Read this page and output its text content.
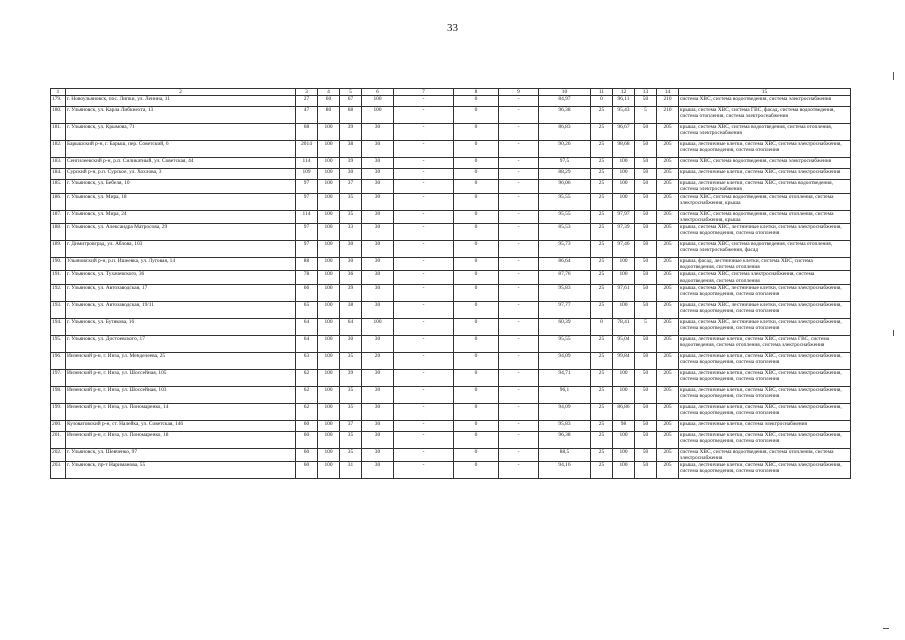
33
1	2	3	4	5	6	7	8	9	10	11	12	13	14	15
179.	г. Новоульяновск, пос. Липки, ул. Ленина, 11	27	60	67	100	-	0	-	84,97	0	96,11	50	210	система ХВС, система водоотведения, система электроснабжения
180.	г. Ульяновск, ул. Карла Либкнехта, 13	47	80	68	100	-	0	-	96,38	25	95,43	5	210	крыша, система ХВС, система ГВС, фасад, система водоотведения, система отопления, система электроснабжения
181.	г. Ульяновск, ул. Крымова, 71	68	100	39	30	-	0	-	86,83	25	96,67	50	205	крыша, система ХВС, система водоотведения, система отопления, система электроснабжения
182.	Барышский р-н, г. Барыш, пер. Советский, 6	2014	100	38	30	-	0	-	90,26	25	98,68	50	205	крыша, лестничные клетки, система ХВС, система электроснабжения, система водоотведения, система отопления
183.	Сенгилеевский р-н, р.п. Силикатный, ул. Советская, 44	114	100	39	30	-	0	-	97,5	25	100	50	205	система ХВС, система водоотведения, система электроснабжения
184.	Сурский р-н, р.п. Сурское, ул. Хохлова, 3	109	100	30	30	-	0	-	88,29	25	100	50	205	крыша, лестничные клетки, система ХВС, система электроснабжения
185.	г. Ульяновск, ул. Бебеля, 10	97	100	37	30	-	0	-	96,06	25	100	50	205	крыша, лестничные клетки, система ХВС, система водоотведения, система электроснабжения
186.	г. Ульяновск, ул. Мира, 18	97	100	35	30	-	0	-	95,55	25	100	50	205	система ХВС, система водоотведения, система отопления, система электроснабжения, крыша
187.	г. Ульяновск, ул. Мира, 24	114	100	35	30	-	0	-	95,55	25	97,97	50	205	система ХВС, система водоотведения, система отопления, система электроснабжения, крыша
188.	г. Ульяновск, ул. Александра Матросова, 29	97	100	33	30	-	0	-	85,53	25	97,39	50	205	крыша, система ХВС, лестничные клетки, система электроснабжения, система водоотведения, система отопления
189.	г. Димитровград, ул. Аблова, 103	97	100	30	30	-	0	-	95,73	25	97,46	50	205	крыша, система ХВС, система водоотведения, система отопления, система электроснабжения, фасад
190.	Ульяновский р-н, р.п. Ишеевка, ул. Луговая, 14	88	100	30	30	-	0	-	86,64	25	100	50	205	крыша, фасад, лестничные клетки, система ХВС, система водоотведения, система отопления
191.	г. Ульяновск, ул. Тухачевского, 36	78	100	36	30	-	0	-	87,76	25	100	50	205	крыша, система ХВС, система электроснабжения, система водоотведения, система отопления
192.	г. Ульяновск, ул. Автозаводская, 17	66	100	39	30	-	0	-	95,83	25	97,61	50	205	крыша, система ХВС, лестничные клетки, система электроснабжения, система водоотведения, система отопления
193.	г. Ульяновск, ул. Автозаводская, 19/11	65	100	38	30	-	0	-	97,77	25	100	50	205	крыша, система ХВС, лестничные клетки, система электроснабжения, система водоотведения, система отопления
194.	г. Ульяновск, ул. Бутякова, 16	64	100	64	100	-	0	-	60,39	0	78,41	5	205	крыша, система ХВС, лестничные клетки, система электроснабжения, система водоотведения, система отопления
195.	г. Ульяновск, ул. Достоевского, 17	64	100	30	30	-	0	-	95,55	25	95,04	50	205	крыша, лестничные клетки, система ХВС, система ГВС, система водоотведения, система отопления, система электроснабжения
196.	Инзенский р-н, г. Инза, ул. Менделеева, 25	63	100	35	20	-	0	-	94,09	25	99,84	50	205	крыша, лестничные клетки, система ХВС, система электроснабжения, система водоотведения, система отопления
197.	Инзенский р-н, г. Инза, ул. Шоссейная, 105	62	100	39	30	-	0	-	94,71	25	100	50	205	крыша, лестничные клетки, система ХВС, система электроснабжения, система водоотведения, система отопления
198.	Инзенский р-н, г. Инза, ул. Шоссейная, 103	62	100	35	30	-	0	-	96,1	25	100	50	205	крыша, лестничные клетки, система ХВС, система электроснабжения, система водоотведения, система отопления
199.	Инзенский р-н, г. Инза, ул. Пономаренко, 14	62	100	35	30	-	0	-	94,09	25	86,86	50	205	крыша, лестничные клетки, система ХВС, система электроснабжения, система водоотведения, система отопления
200.	Кузоватовский р-н, ст. Налейка, ул. Советская, 146	60	100	37	30	-	0	-	95,83	25	98	50	205	крыша, лестничные клетки, система электроснабжения
201.	Инзенский р-н, г. Инза, ул. Пономаренко, 18	60	100	35	30	-	0	-	96,38	25	100	50	205	крыша, лестничные клетки, система ХВС, система электроснабжения, система водоотведения, система отопления
202.	г. Ульяновск, ул. Шевченко, 97	60	100	35	30	-	0	-	88,5	25	100	50	205	система ХВС, система водоотведения, система отопления, система электроснабжения
203.	г. Ульяновск, пр-т Нариманова, 55	60	100	31	30	-	0	-	94,16	25	100	50	205	крыша, лестничные клетки, система ХВС, система электроснабжения, система водоотведения, система отопления
